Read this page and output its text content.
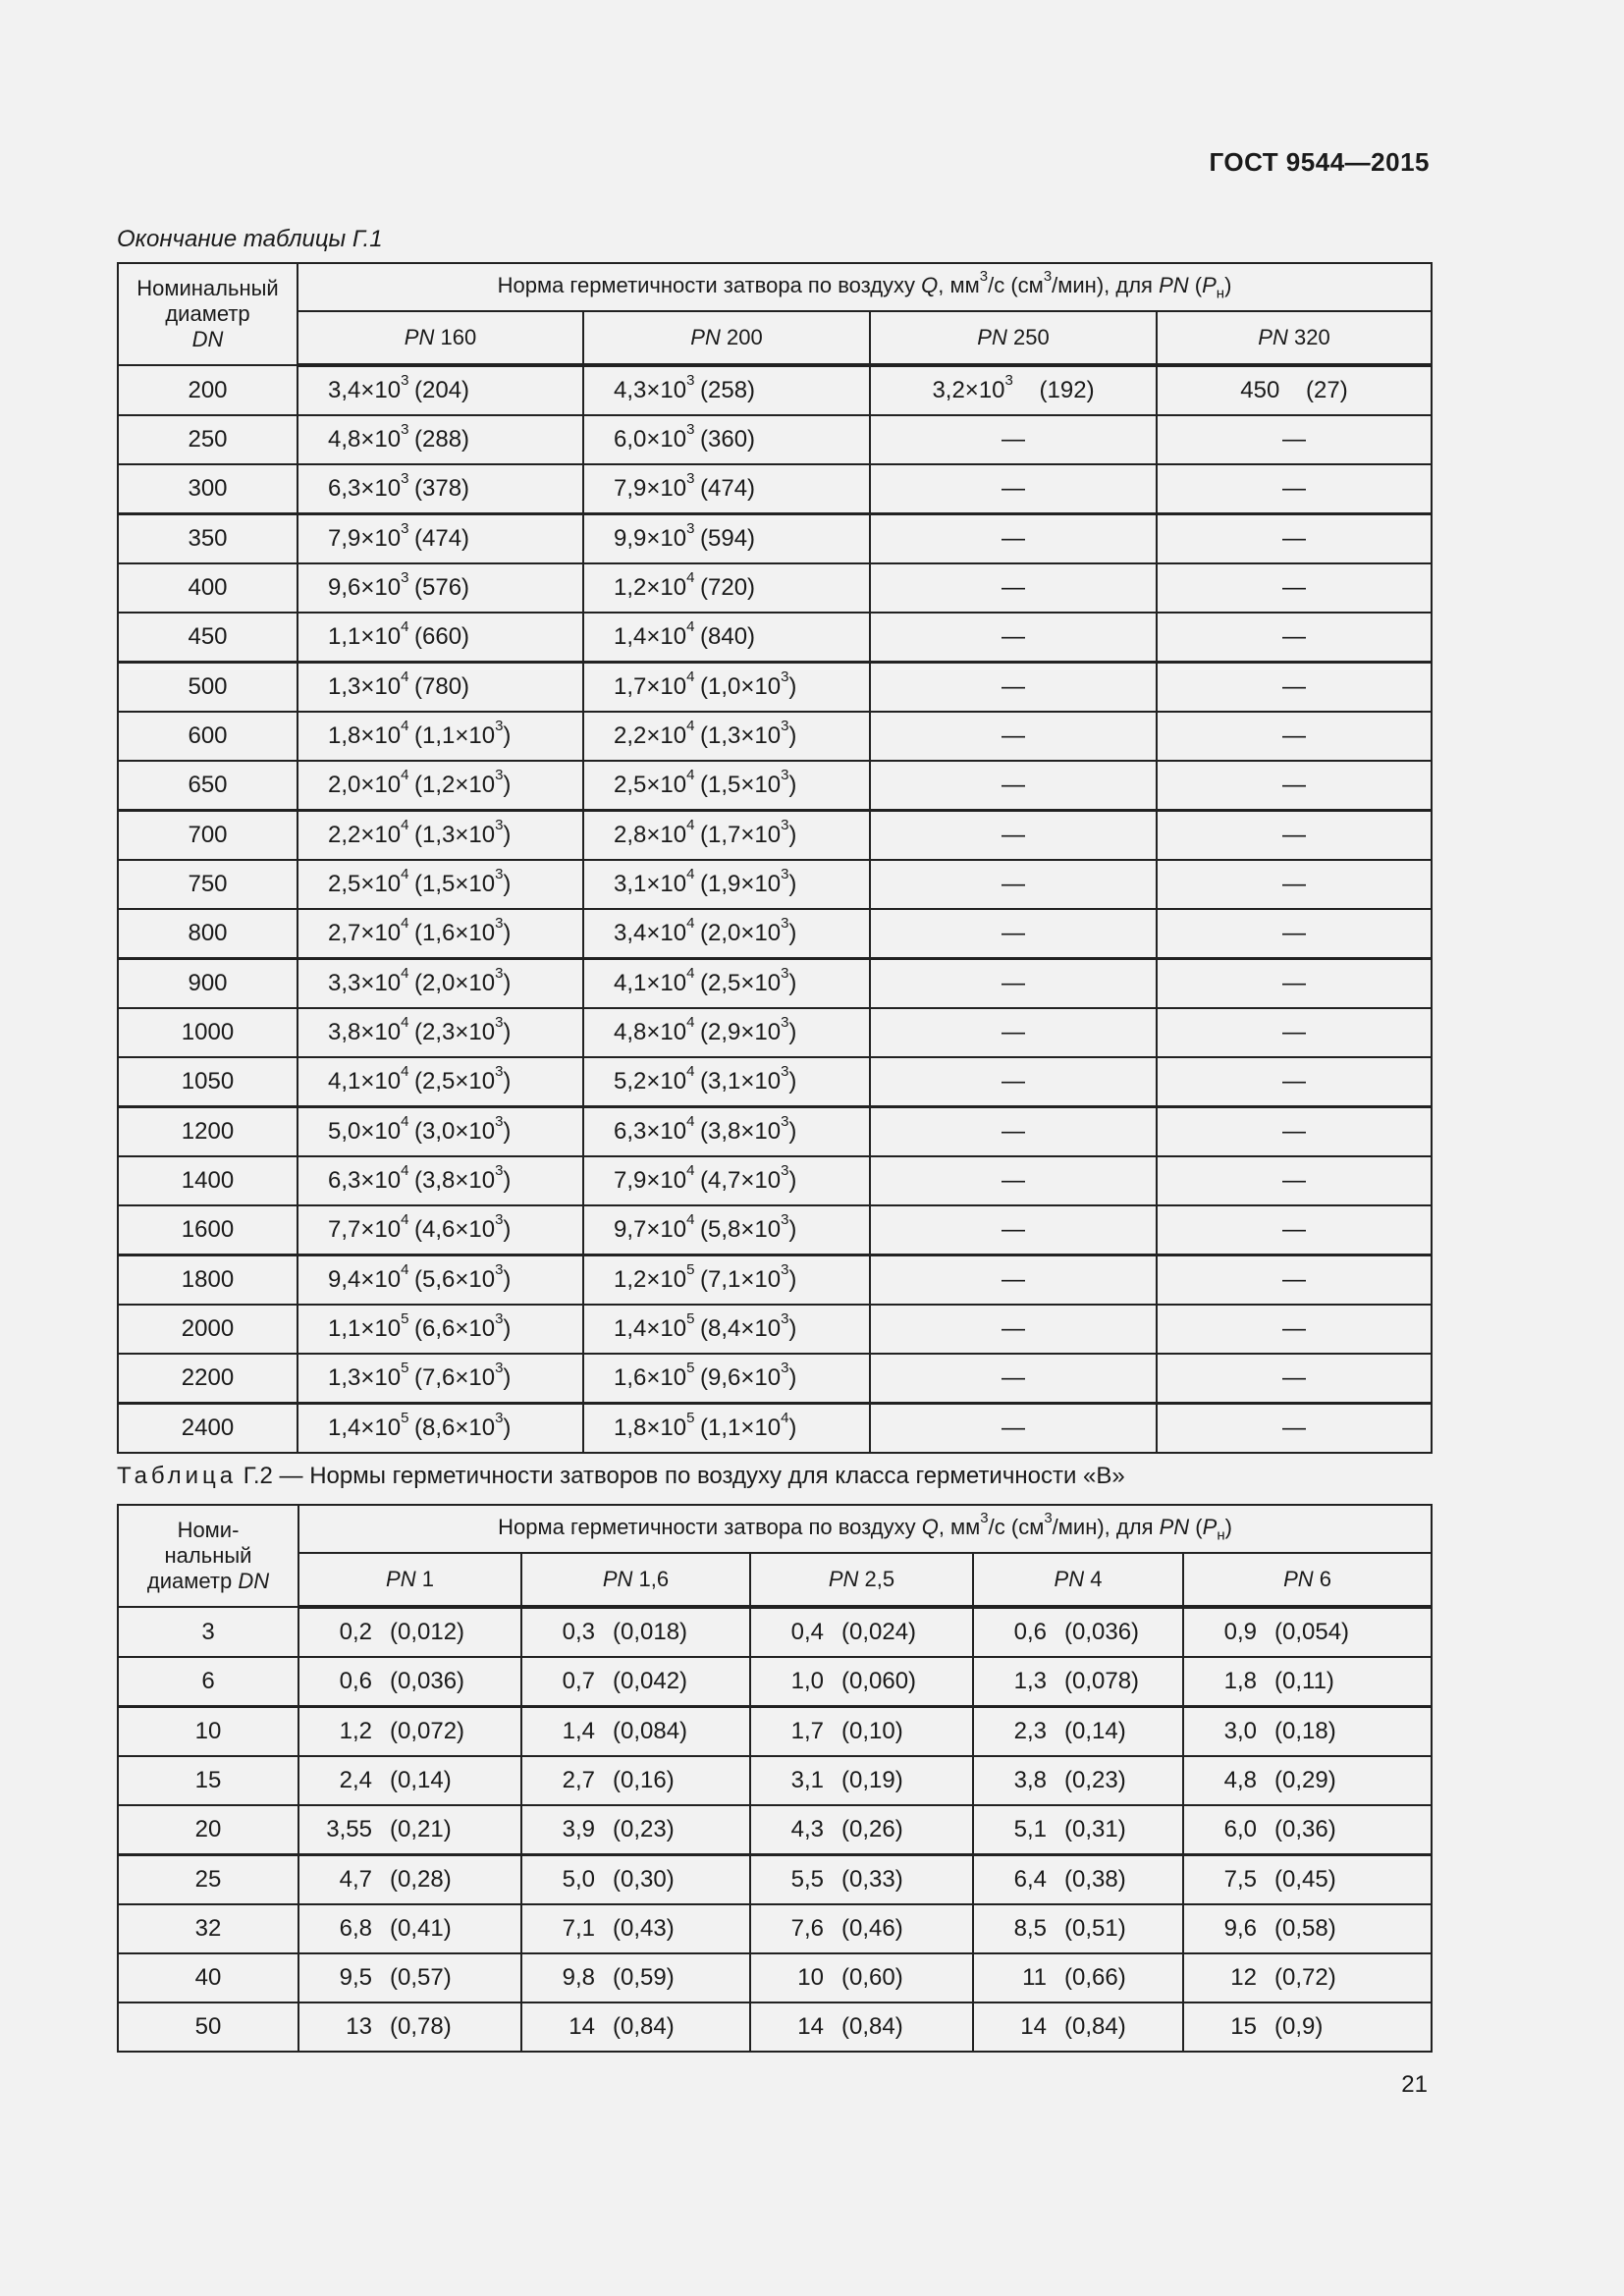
ГОСТ 9544—2015
Окончание таблицы Г.1
Номинальный
диаметр
DN	Норма герметичности затвора по воздуху Q, $мм^3/с$ $(см^3/мин)$, для PN $(P_н)$			
	PN 160	PN 200	PN 250	PN 320
200	$3,4\times 10^3$ (204)	$4,3\times 10^3$ (258)	$3,2\times 10^3$ (192)	450 (27)
250	$4,8\times 10^3$ (288)	$6,0\times 10^3$ (360)	—	—
300	$6,3\times 10^3$ (378)	$7,9\times 10^3$ (474)	—	—
350	$7,9\times 10^3$ (474)	$9,9\times 10^3$ (594)	—	—
400	$9,6\times 10^3$ (576)	$1,2\times 10^4$ (720)	—	—
450	$1,1\times 10^4$ (660)	$1,4\times 10^4$ (840)	—	—
500	$1,3\times 10^4$ (780)	$1,7\times 10^4$ $(1,0\times 10^3)$	—	—
600	$1,8\times 10^4$ $(1,1\times 10^3)$	$2,2\times 10^4$ $(1,3\times 10^3)$	—	—
650	$2,0\times 10^4$ $(1,2\times 10^3)$	$2,5\times 10^4$ $(1,5\times 10^3)$	—	—
700	$2,2\times 10^4$ $(1,3\times 10^3)$	$2,8\times 10^4$ $(1,7\times 10^3)$	—	—
750	$2,5\times 10^4$ $(1,5\times 10^3)$	$3,1\times 10^4$ $(1,9\times 10^3)$	—	—
800	$2,7\times 10^4$ $(1,6\times 10^3)$	$3,4\times 10^4$ $(2,0\times 10^3)$	—	—
900	$3,3\times 10^4$ $(2,0\times 10^3)$	$4,1\times 10^4$ $(2,5\times 10^3)$	—	—
1000	$3,8\times 10^4$ $(2,3\times 10^3)$	$4,8\times 10^4$ $(2,9\times 10^3)$	—	—
1050	$4,1\times 10^4$ $(2,5\times 10^3)$	$5,2\times 10^4$ $(3,1\times 10^3)$	—	—
1200	$5,0\times 10^4$ $(3,0\times 10^3)$	$6,3\times 10^4$ $(3,8\times 10^3)$	—	—
1400	$6,3\times 10^4$ $(3,8\times 10^3)$	$7,9\times 10^4$ $(4,7\times 10^3)$	—	—
1600	$7,7\times 10^4$ $(4,6\times 10^3)$	$9,7\times 10^4$ $(5,8\times 10^3)$	—	—
1800	$9,4\times 10^4$ $(5,6\times 10^3)$	$1,2\times 10^5$ $(7,1\times 10^3)$	—	—
2000	$1,1\times 10^5$ $(6,6\times 10^3)$	$1,4\times 10^5$ $(8,4\times 10^3)$	—	—
2200	$1,3\times 10^5$ $(7,6\times 10^3)$	$1,6\times 10^5$ $(9,6\times 10^3)$	—	—
2400	$1,4\times 10^5$ $(8,6\times 10^3)$	$1,8\times 10^5$ $(1,1\times 10^4)$	—	—
Таблица Г.2 — Нормы герметичности затворов по воздуху для класса герметичности «В»
Номи-
нальный
диаметр DN	Норма герметичности затвора по воздуху Q, $мм^3/с$ $(см^3/мин)$, для PN $(P_н)$				
	PN 1	PN 1,6	PN 2,5	PN 4	PN 6
3	0,2 (0,012)	0,3 (0,018)	0,4 (0,024)	0,6 (0,036)	0,9 (0,054)

6	0,6 (0,036)	0,7 (0,042)	1,0 (0,060)	1,3 (0,078)	1,8 (0,11)

10	1,2 (0,072)	1,4 (0,084)	1,7 (0,10)	2,3 (0,14)	3,0 (0,18)

15	2,4 (0,14)	2,7 (0,16)	3,1 (0,19)	3,8 (0,23)	4,8 (0,29)

20	3,55 (0,21)	3,9 (0,23)	4,3 (0,26)	5,1 (0,31)	6,0 (0,36)

25	4,7 (0,28)	5,0 (0,30)	5,5 (0,33)	6,4 (0,38)	7,5 (0,45)

32	6,8 (0,41)	7,1 (0,43)	7,6 (0,46)	8,5 (0,51)	9,6 (0,58)

40	9,5 (0,57)	9,8 (0,59)	10 (0,60)	11 (0,66)	12 (0,72)

50	13 (0,78)	14 (0,84)	14 (0,84)	14 (0,84)	15 (0,9)
21
